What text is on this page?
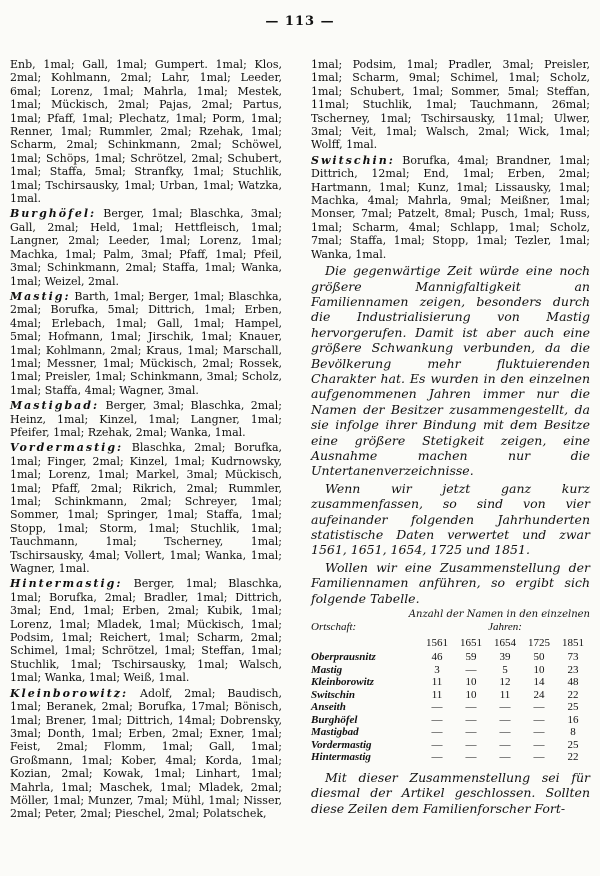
— 113 —

Enb, 1mal; Gall, 1mal; Gumpert. 1mal; Klos, 2mal; Kohlmann, 2mal; Lahr, 1mal; Leeder, 6mal; Lorenz, 1mal; Mahrla, 1mal; Mestek, 1mal; Mückisch, 2mal; Pajas, 2mal; Partus, 1mal; Pfaff, 1mal; Plechatz, 1mal; Porm, 1mal; Renner, 1mal; Rummler, 2mal; Rzehak, 1mal; Scharm, 2mal; Schinkmann, 2mal; Schöwel, 1mal; Schöps, 1mal; Schrötzel, 2mal; Schubert, 1mal; Staffa, 5mal; Stranfky, 1mal; Stuchlik, 1mal; Tschirsausky, 1mal; Urban, 1mal; Watzka, 1mal.

Burghöfel: Berger, 1mal; Blaschka, 3mal; Gall, 2mal; Held, 1mal; Hettfleisch, 1mal; Langner, 2mal; Leeder, 1mal; Lorenz, 1mal; Machka, 1mal; Palm, 3mal; Pfaff, 1mal; Pfeil, 3mal; Schinkmann, 2mal; Staffa, 1mal; Wanka, 1mal; Weizel, 2mal.

Mastig: Barth, 1mal; Berger, 1mal; Blaschka, 2mal; Borufka, 5mal; Dittrich, 1mal; Erben, 4mal; Erlebach, 1mal; Gall, 1mal; Hampel, 5mal; Hofmann, 1mal; Jirschik, 1mal; Knauer, 1mal; Kohlmann, 2mal; Kraus, 1mal; Marschall, 1mal; Messner, 1mal; Mückisch, 2mal; Rossek, 1mal; Preisler, 1mal; Schinkmann, 3mal; Scholz, 1mal; Staffa, 4mal; Wagner, 3mal.

Mastigbad: Berger, 3mal; Blaschka, 2mal; Heinz, 1mal; Kinzel, 1mal; Langner, 1mal; Pfeifer, 1mal; Rzehak, 2mal; Wanka, 1mal.

Vordermastig: Blaschka, 2mal; Borufka, 1mal; Finger, 2mal; Kinzel, 1mal; Kudrnowsky, 1mal; Lorenz, 1mal; Markel, 3mal; Mückisch, 1mal; Pfaff, 2mal; Rikrich, 2mal; Rummler, 1mal; Schinkmann, 2mal; Schreyer, 1mal; Sommer, 1mal; Springer, 1mal; Staffa, 1mal; Stopp, 1mal; Storm, 1mal; Stuchlik, 1mal; Tauchmann, 1mal; Tscherney, 1mal; Tschirsausky, 4mal; Vollert, 1mal; Wanka, 1mal; Wagner, 1mal.

Hintermastig: Berger, 1mal; Blaschka, 1mal; Borufka, 2mal; Bradler, 1mal; Dittrich, 3mal; End, 1mal; Erben, 2mal; Kubik, 1mal; Lorenz, 1mal; Mladek, 1mal; Mückisch, 1mal; Podsim, 1mal; Reichert, 1mal; Scharm, 2mal; Schimel, 1mal; Schrötzel, 1mal; Steffan, 1mal; Stuchlik, 1mal; Tschirsausky, 1mal; Walsch, 1mal; Wanka, 1mal; Weiß, 1mal.

Kleinborowitz: Adolf, 2mal; Baudisch, 1mal; Beranek, 2mal; Borufka, 17mal; Bönisch, 1mal; Brener, 1mal; Dittrich, 14mal; Dobrensky, 3mal; Donth, 1mal; Erben, 2mal; Exner, 1mal; Feist, 2mal; Flomm, 1mal; Gall, 1mal; Großmann, 1mal; Kober, 4mal; Korda, 1mal; Kozian, 2mal; Kowak, 1mal; Linhart, 1mal; Mahrla, 1mal; Maschek, 1mal; Mladek, 2mal; Möller, 1mal; Munzer, 7mal; Mühl, 1mal; Nisser, 2mal; Peter, 2mal; Pieschel, 2mal; Polatschek,

1mal; Podsim, 1mal; Pradler, 3mal; Preisler, 1mal; Scharm, 9mal; Schimel, 1mal; Scholz, 1mal; Schubert, 1mal; Sommer, 5mal; Steffan, 11mal; Stuchlik, 1mal; Tauchmann, 26mal; Tscherney, 1mal; Tschirsausky, 11mal; Ulwer, 3mal; Veit, 1mal; Walsch, 2mal; Wick, 1mal; Wolff, 1mal.

Switschin: Borufka, 4mal; Brandner, 1mal; Dittrich, 12mal; End, 1mal; Erben, 2mal; Hartmann, 1mal; Kunz, 1mal; Lissausky, 1mal; Machka, 4mal; Mahrla, 9mal; Meißner, 1mal; Monser, 7mal; Patzelt, 8mal; Pusch, 1mal; Russ, 1mal; Scharm, 4mal; Schlapp, 1mal; Scholz, 7mal; Staffa, 1mal; Stopp, 1mal; Tezler, 1mal; Wanka, 1mal.

Die gegenwärtige Zeit würde eine noch größere Mannigfaltigkeit an Familiennamen zeigen, besonders durch die Industrialisierung von Mastig hervorgerufen. Damit ist aber auch eine größere Schwankung verbunden, da die Bevölkerung mehr fluktuierenden Charakter hat. Es wurden in den einzelnen aufgenommenen Jahren immer nur die Namen der Besitzer zusammengestellt, da sie infolge ihrer Bindung mit dem Besitze eine größere Stetigkeit zeigen, eine Ausnahme machen nur die Untertanenverzeichnisse.

Wenn wir jetzt ganz kurz zusammenfassen, so sind von vier aufeinander folgenden Jahrhunderten statistische Daten verwertet und zwar 1561, 1651, 1654, 1725 und 1851.

Wollen wir eine Zusammenstellung der Familiennamen anführen, so ergibt sich folgende Tabelle.

Anzahl der Namen in den einzelnen
Ortschaft:	Jahren:				
	1561	1651	1654	1725	1851
Oberprausnitz	46	59	39	50	73
Mastig	3	—	5	10	23
Kleinborowitz	11	10	12	14	48
Switschin	11	10	11	24	22
Anseith	—	—	—	—	25
Burghöfel	—	—	—	—	16
Mastigbad	—	—	—	—	8
Vordermastig	—	—	—	—	25
Hintermastig	—	—	—	—	22

Mit dieser Zusammenstellung sei für diesmal der Artikel geschlossen. Sollten diese Zeilen dem Familienforscher Fort-
